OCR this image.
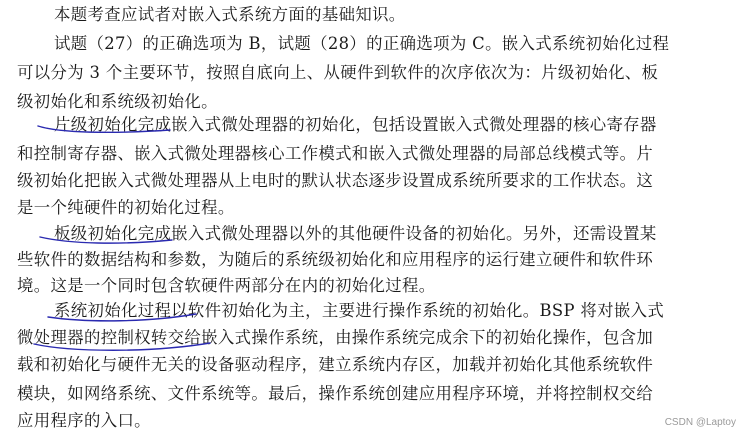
本题考查应试者对嵌入式系统方面的基础知识。
试题（27）的正确选项为 B，试题（28）的正确选项为 C。嵌入式系统初始化过程
可以分为 3 个主要环节，按照自底向上、从硬件到软件的次序依次为：片级初始化、板
级初始化和系统级初始化。
片级初始化完成嵌入式微处理器的初始化，包括设置嵌入式微处理器的核心寄存器
和控制寄存器、嵌入式微处理器核心工作模式和嵌入式微处理器的局部总线模式等。片
级初始化把嵌入式微处理器从上电时的默认状态逐步设置成系统所要求的工作状态。这
是一个纯硬件的初始化过程。
板级初始化完成嵌入式微处理器以外的其他硬件设备的初始化。另外，还需设置某
些软件的数据结构和参数，为随后的系统级初始化和应用程序的运行建立硬件和软件环
境。这是一个同时包含软硬件两部分在内的初始化过程。
系统初始化过程以软件初始化为主，主要进行操作系统的初始化。BSP 将对嵌入式
微处理器的控制权转交给嵌入式操作系统，由操作系统完成余下的初始化操作，包含加
载和初始化与硬件无关的设备驱动程序，建立系统内存区，加载并初始化其他系统软件
模块，如网络系统、文件系统等。最后，操作系统创建应用程序环境，并将控制权交给
应用程序的入口。	CSDN @Laptoy
